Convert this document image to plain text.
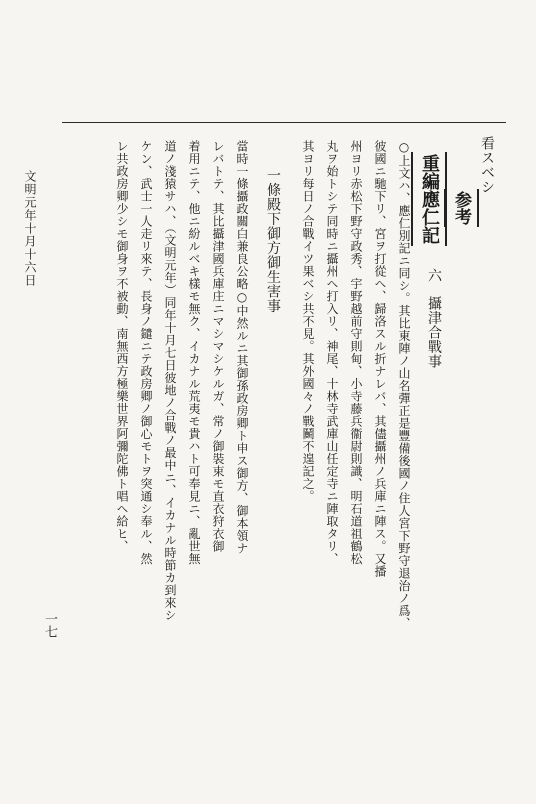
看スベシ
参考
六
攝津合戰事
重編應仁記
○上文ハ、應仁別記ニ同シ。其比東陣ノ山名彈正是豐備後國ノ住人宮下野守退治ノ爲、
彼國ニ馳下リ、宮ヲ打從ヘ、歸洛スル折ナレバ、其儘攝州ノ兵庫ニ陣ス。又播
州ヨリ赤松下野守政秀、宇野越前守則甸、小寺藤兵衞尉則識、明石道祖鶴松
丸ヲ始トシテ同時ニ攝州ヘ打入リ、神尾、十林寺武庫山任定寺ニ陣取タリ、
其ヨリ每日ノ合戰イツ果ベシ共不見。其外國々ノ戰鬭不遑記之。
一條殿下御方御生害事
當時一條攝政關白兼良公略○中然ルニ其御孫政房卿ト申ス御方、御本領ナ
レバトテ、其比攝津國兵庫庄ニマシマシケルガ、常ノ御裝束モ直衣狩衣御
着用ニテ、他ニ紛ルベキ樣モ無ク、イカナル荒夷モ貴ハト可奉見ニ、亂世無
道ノ淺猿サハ、（文明元年）同年十月七日彼地ノ合戰ノ最中ニ、イカナル時節カ到來シ
ケン、武士一人走リ來テ、長身ノ鑓ニテ政房卿ノ御心モトヲ突通シ奉ル、然
レ共政房卿少シモ御身ヲ不被動、南無西方極樂世界阿彌陀佛ト唱ヘ給ヒ、
一七
文明元年十月十六日
